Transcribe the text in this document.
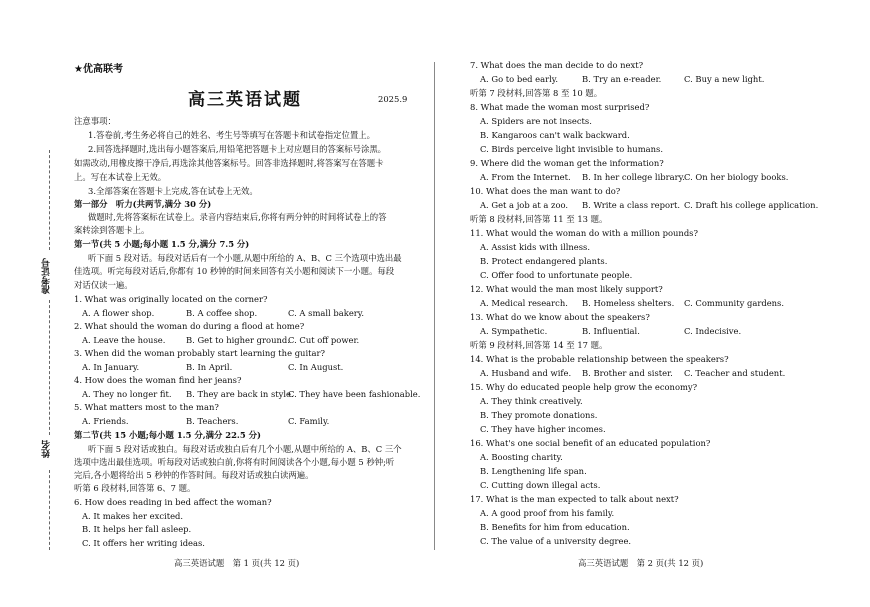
准考证号
姓名
★优高联考
高三英语试题	2025.9
注意事项：
1.答卷前,考生务必将自己的姓名、考生号等填写在答题卡和试卷指定位置上。
2.回答选择题时,选出每小题答案后,用铅笔把答题卡上对应题目的答案标号涂黑。
如需改动,用橡皮擦干净后,再选涂其他答案标号。回答非选择题时,将答案写在答题卡
上。写在本试卷上无效。
3.全部答案在答题卡上完成,答在试卷上无效。
第一部分　听力(共两节,满分 30 分)
做题时,先将答案标在试卷上。录音内容结束后,你将有两分钟的时间将试卷上的答
案转涂到答题卡上。
第一节(共 5 小题;每小题 1.5 分,满分 7.5 分)
听下面 5 段对话。每段对话后有一个小题,从题中所给的 A、B、C 三个选项中选出最
佳选项。听完每段对话后,你都有 10 秒钟的时间来回答有关小题和阅读下一小题。每段
对话仅读一遍。
1. What was originally located on the corner?
A. A flower shop.	B. A coffee shop.	C. A small bakery.
2. What should the woman do during a flood at home?
A. Leave the house. B. Get to higher ground.
C. Cut off power.
3. When did the woman probably start learning the guitar?
A. In January.	B. In April.	C. In August.
4. How does the woman find her jeans?
A. They no longer fit. B. They are back in style.
C. They have been fashionable.
5. What matters most to the man?
A. Friends.	B. Teachers.	C. Family.
第二节(共 15 小题;每小题 1.5 分,满分 22.5 分)
听下面 5 段对话或独白。每段对话或独白后有几个小题,从题中所给的 A、B、C 三个
选项中选出最佳选项。听每段对话或独白前,你将有时间阅读各个小题,每小题 5 秒钟;听
完后,各小题将给出 5 秒钟的作答时间。每段对话或独白读两遍。
听第 6 段材料,回答第 6、7 题。
6. How does reading in bed affect the woman?
A. It makes her excited.
B. It helps her fall asleep.
C. It offers her writing ideas.
高三英语试题　第 1 页(共 12 页)
7. What does the man decide to do next?
A. Go to bed early.	B. Try an e-reader.	C. Buy a new light.
听第 7 段材料,回答第 8 至 10 题。
8. What made the woman most surprised?
A. Spiders are not insects.
B. Kangaroos can't walk backward.
C. Birds perceive light invisible to humans.
9. Where did the woman get the information?
A. From the Internet. B. In her college library. C. On her biology books.
10. What does the man want to do?
A. Get a job at a zoo. B. Write a class report. C. Draft his college application.
听第 8 段材料,回答第 11 至 13 题。
11. What would the woman do with a million pounds?
A. Assist kids with illness.
B. Protect endangered plants.
C. Offer food to unfortunate people.
12. What would the man most likely support?
A. Medical research. B. Homeless shelters. C. Community gardens.
13. What do we know about the speakers?
A. Sympathetic.	B. Influential.	C. Indecisive.
听第 9 段材料,回答第 14 至 17 题。
14. What is the probable relationship between the speakers?
A. Husband and wife. B. Brother and sister. C. Teacher and student.
15. Why do educated people help grow the economy?
A. They think creatively.
B. They promote donations.
C. They have higher incomes.
16. What's one social benefit of an educated population?
A. Boosting charity.
B. Lengthening life span.
C. Cutting down illegal acts.
17. What is the man expected to talk about next?
A. A good proof from his family.
B. Benefits for him from education.
C. The value of a university degree.
高三英语试题　第 2 页(共 12 页)
